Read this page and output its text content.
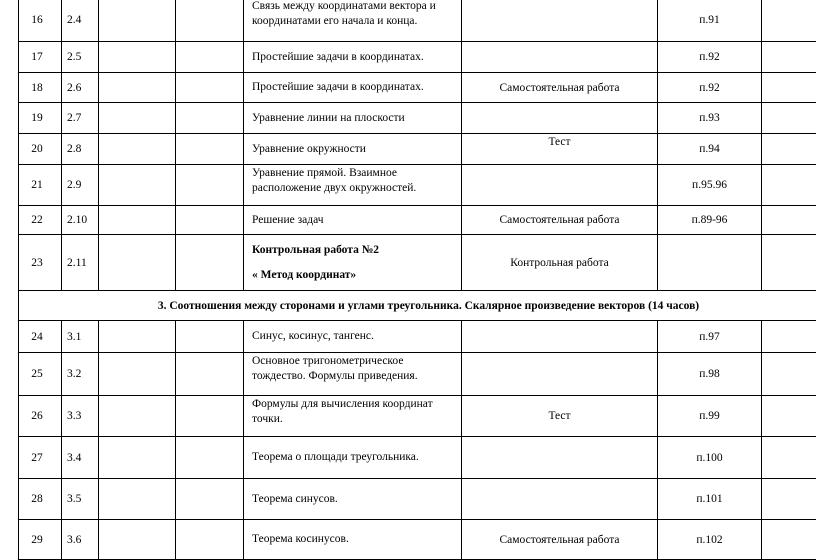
16	2.4			Связь между координатами вектора и
координатами его начала и конца.		п.91	
17	2.5			Простейшие задачи в координатах.		п.92	
18	2.6			Простейшие задачи в координатах.	Самостоятельная работа	п.92	
19	2.7			Уравнение линии на плоскости		п.93	
20	2.8			Уравнение окружности	Тест	п.94	
21	2.9			Уравнение прямой. Взаимное
расположение двух окружностей.		п.95.96	
22	2.10			Решение задач	Самостоятельная работа	п.89-96	
23	2.11			Контрольная работа №2
« Метод координат»	Контрольная работа		
3. Соотношения между сторонами и углами треугольника. Скалярное произведение векторов (14 часов)							
24	3.1			Синус, косинус, тангенс.		п.97	
25	3.2			Основное тригонометрическое
тождество. Формулы приведения.		п.98	
26	3.3			Формулы для вычисления координат
точки.	Тест	п.99	
27	3.4			Теорема о площади треугольника.		п.100	
28	3.5			Теорема синусов.		п.101	
29	3.6			Теорема косинусов.	Самостоятельная работа	п.102	
